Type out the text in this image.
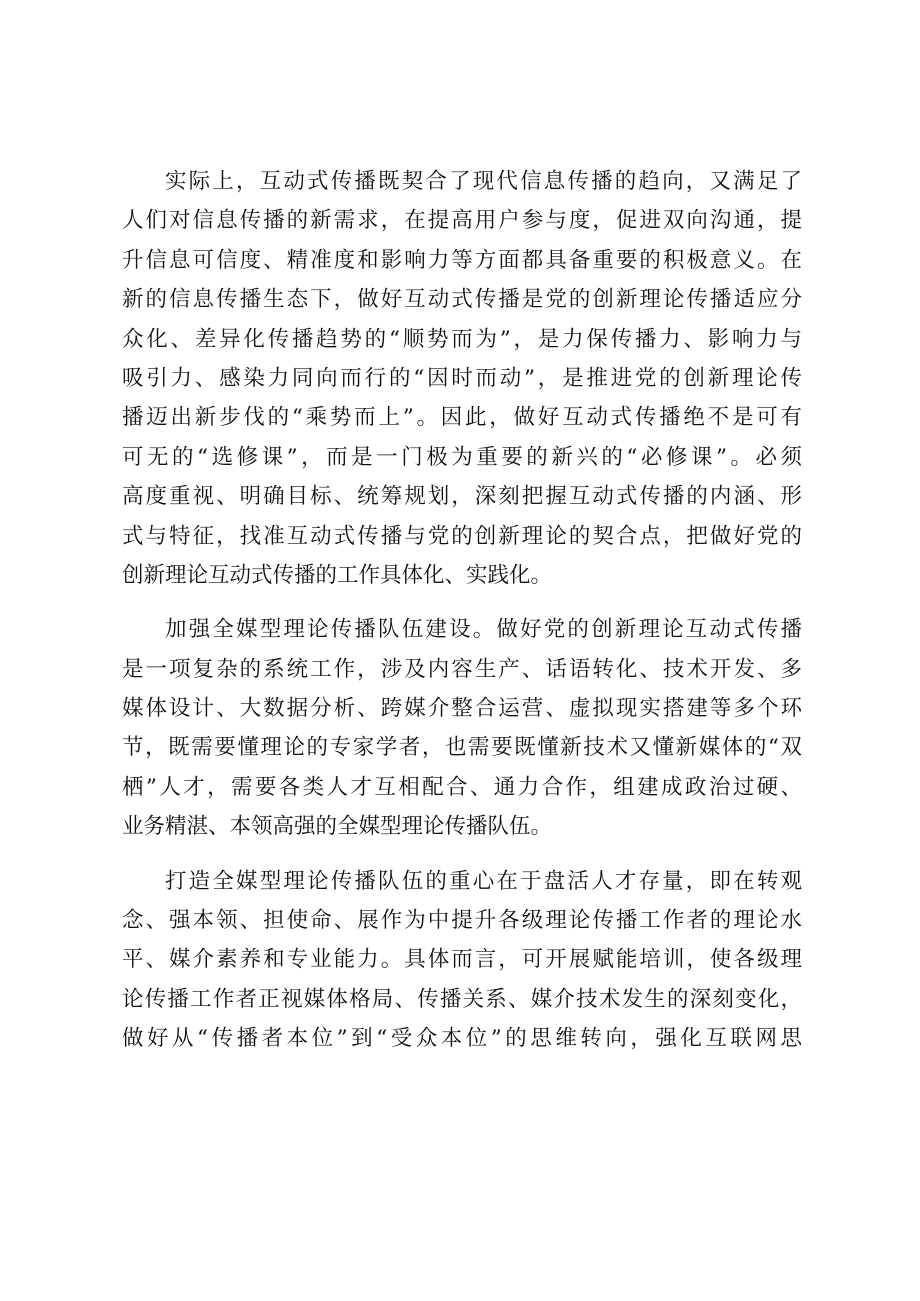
实际上，互动式传播既契合了现代信息传播的趋向，又满足了
人们对信息传播的新需求，在提高用户参与度，促进双向沟通，提
升信息可信度、精准度和影响力等方面都具备重要的积极意义。在
新的信息传播生态下，做好互动式传播是党的创新理论传播适应分
众化、差异化传播趋势的“顺势而为”，是力保传播力、影响力与
吸引力、感染力同向而行的“因时而动”，是推进党的创新理论传
播迈出新步伐的“乘势而上”。因此，做好互动式传播绝不是可有
可无的“选修课”，而是一门极为重要的新兴的“必修课”。必须
高度重视、明确目标、统筹规划，深刻把握互动式传播的内涵、形
式与特征，找准互动式传播与党的创新理论的契合点，把做好党的
创新理论互动式传播的工作具体化、实践化。
加强全媒型理论传播队伍建设。做好党的创新理论互动式传播
是一项复杂的系统工作，涉及内容生产、话语转化、技术开发、多
媒体设计、大数据分析、跨媒介整合运营、虚拟现实搭建等多个环
节，既需要懂理论的专家学者，也需要既懂新技术又懂新媒体的“双
栖”人才，需要各类人才互相配合、通力合作，组建成政治过硬、
业务精湛、本领高强的全媒型理论传播队伍。
打造全媒型理论传播队伍的重心在于盘活人才存量，即在转观
念、强本领、担使命、展作为中提升各级理论传播工作者的理论水
平、媒介素养和专业能力。具体而言，可开展赋能培训，使各级理
论传播工作者正视媒体格局、传播关系、媒介技术发生的深刻变化，
做好从“传播者本位”到“受众本位”的思维转向，强化互联网思
